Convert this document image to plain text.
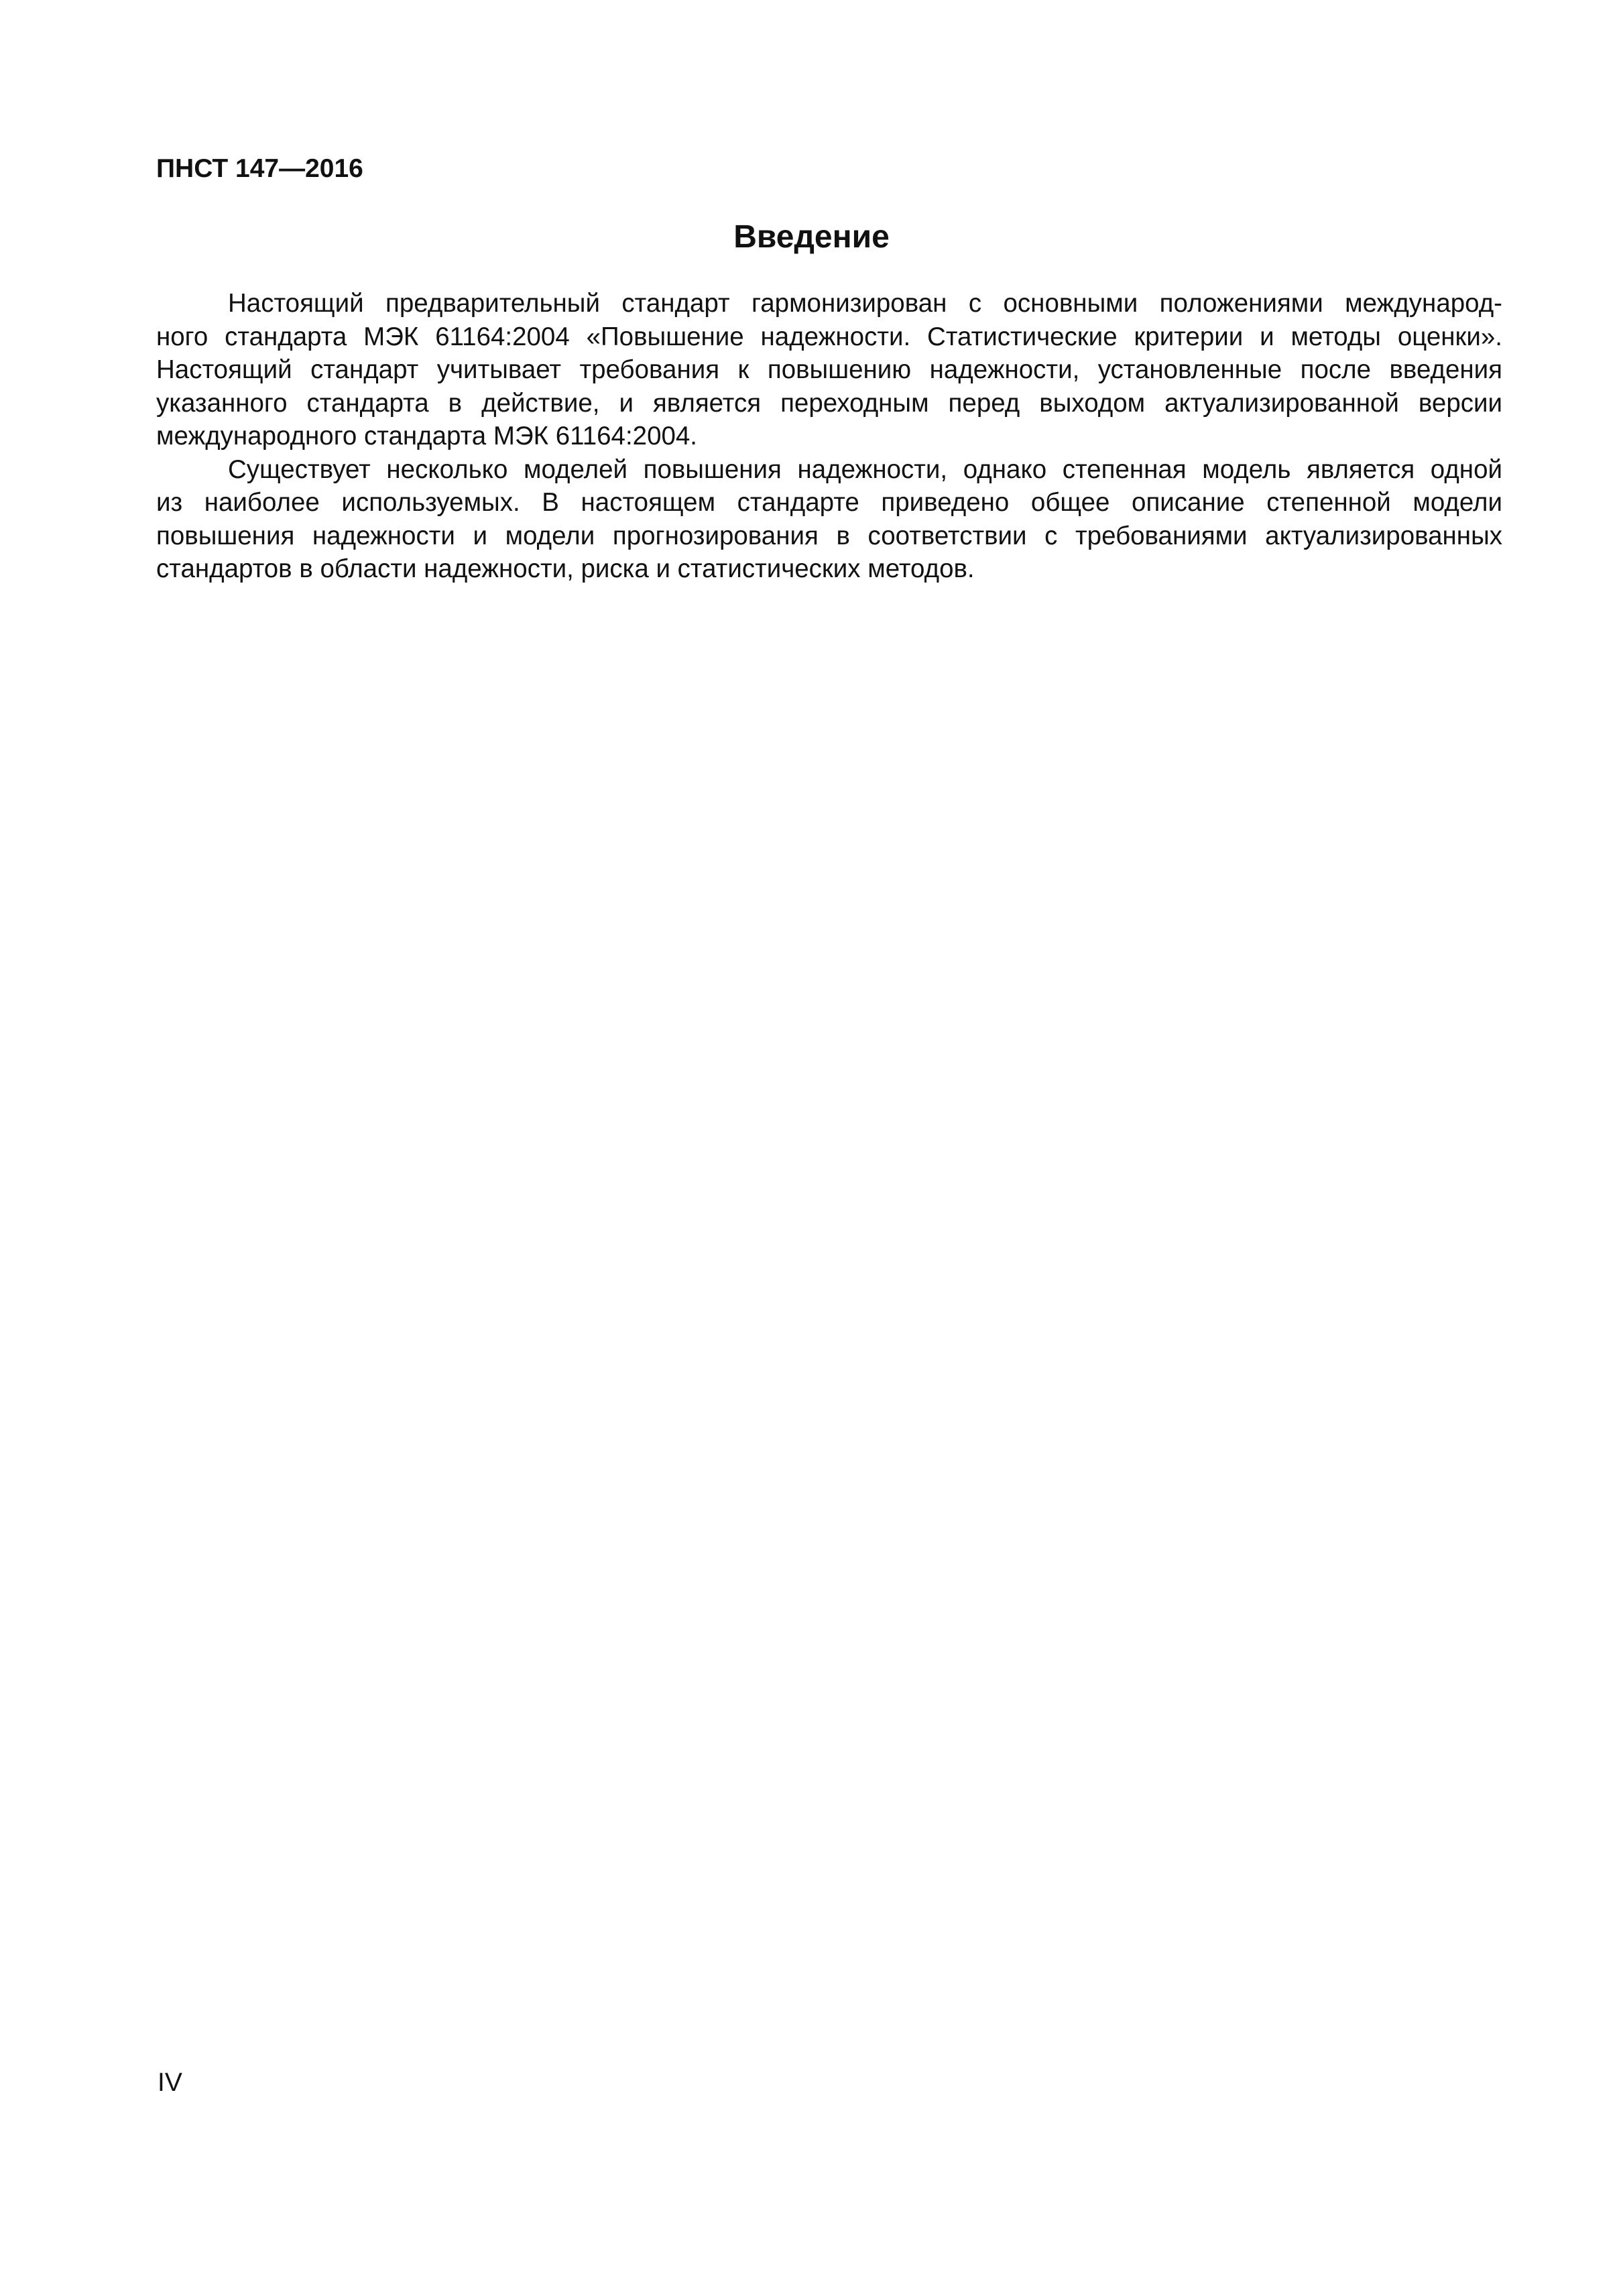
ПНСТ 147—2016
Введение
Настоящий предварительный стандарт гармонизирован с основными положениями международ-
ного стандарта МЭК 61164:2004 «Повышение надежности. Статистические критерии и методы оценки».
Настоящий стандарт учитывает требования к повышению надежности, установленные после введения
указанного стандарта в действие, и является переходным перед выходом актуализированной версии
международного стандарта МЭК 61164:2004.
Существует несколько моделей повышения надежности, однако степенная модель является одной
из наиболее используемых. В настоящем стандарте приведено общее описание степенной модели
повышения надежности и модели прогнозирования в соответствии с требованиями актуализированных
стандартов в области надежности, риска и статистических методов.
IV
